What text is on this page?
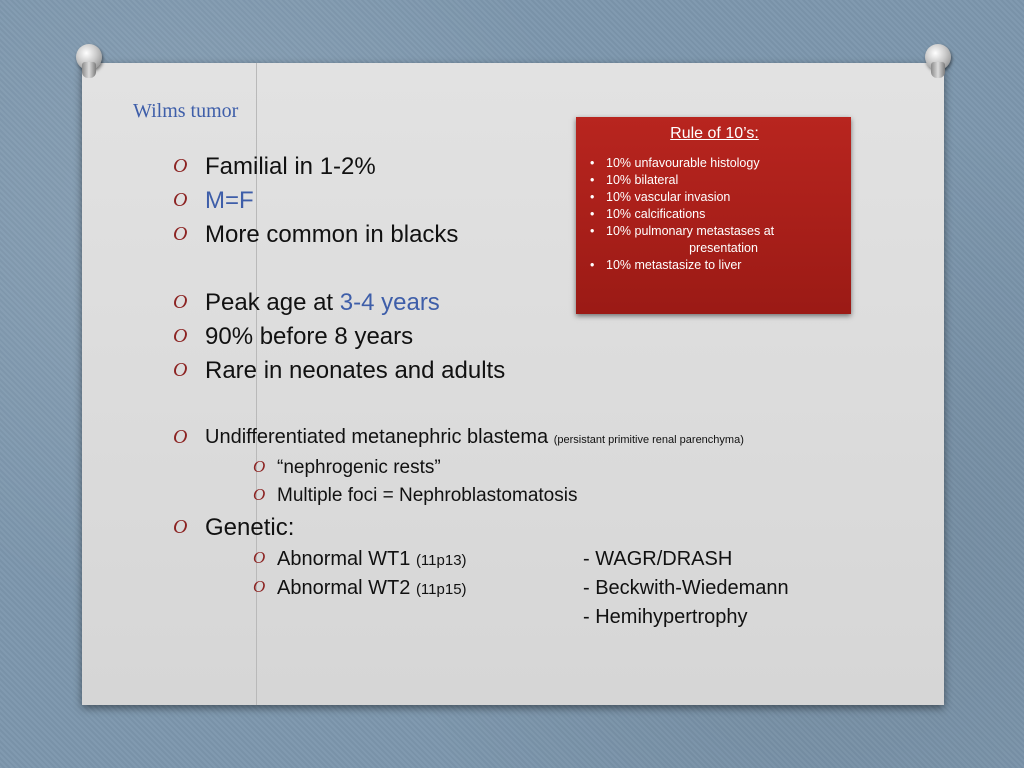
Wilms tumor
Rule of 10’s:
• 10% unfavourable histology
• 10% bilateral
• 10% vascular invasion
• 10% calcifications
• 10% pulmonary metastases at
presentation
• 10% metastasize to liver
O Familial in 1-2%
O M=F
O More common in blacks
O Peak age at 3-4 years
O 90% before 8 years
O Rare in neonates and adults
O Undifferentiated metanephric blastema (persistant primitive renal parenchyma)
O “nephrogenic rests”
O Multiple foci = Nephroblastomatosis
O Genetic:
O Abnormal WT1 (11p13)
O Abnormal WT2 (11p15)
- WAGR/DRASH
- Beckwith-Wiedemann
- Hemihypertrophy
